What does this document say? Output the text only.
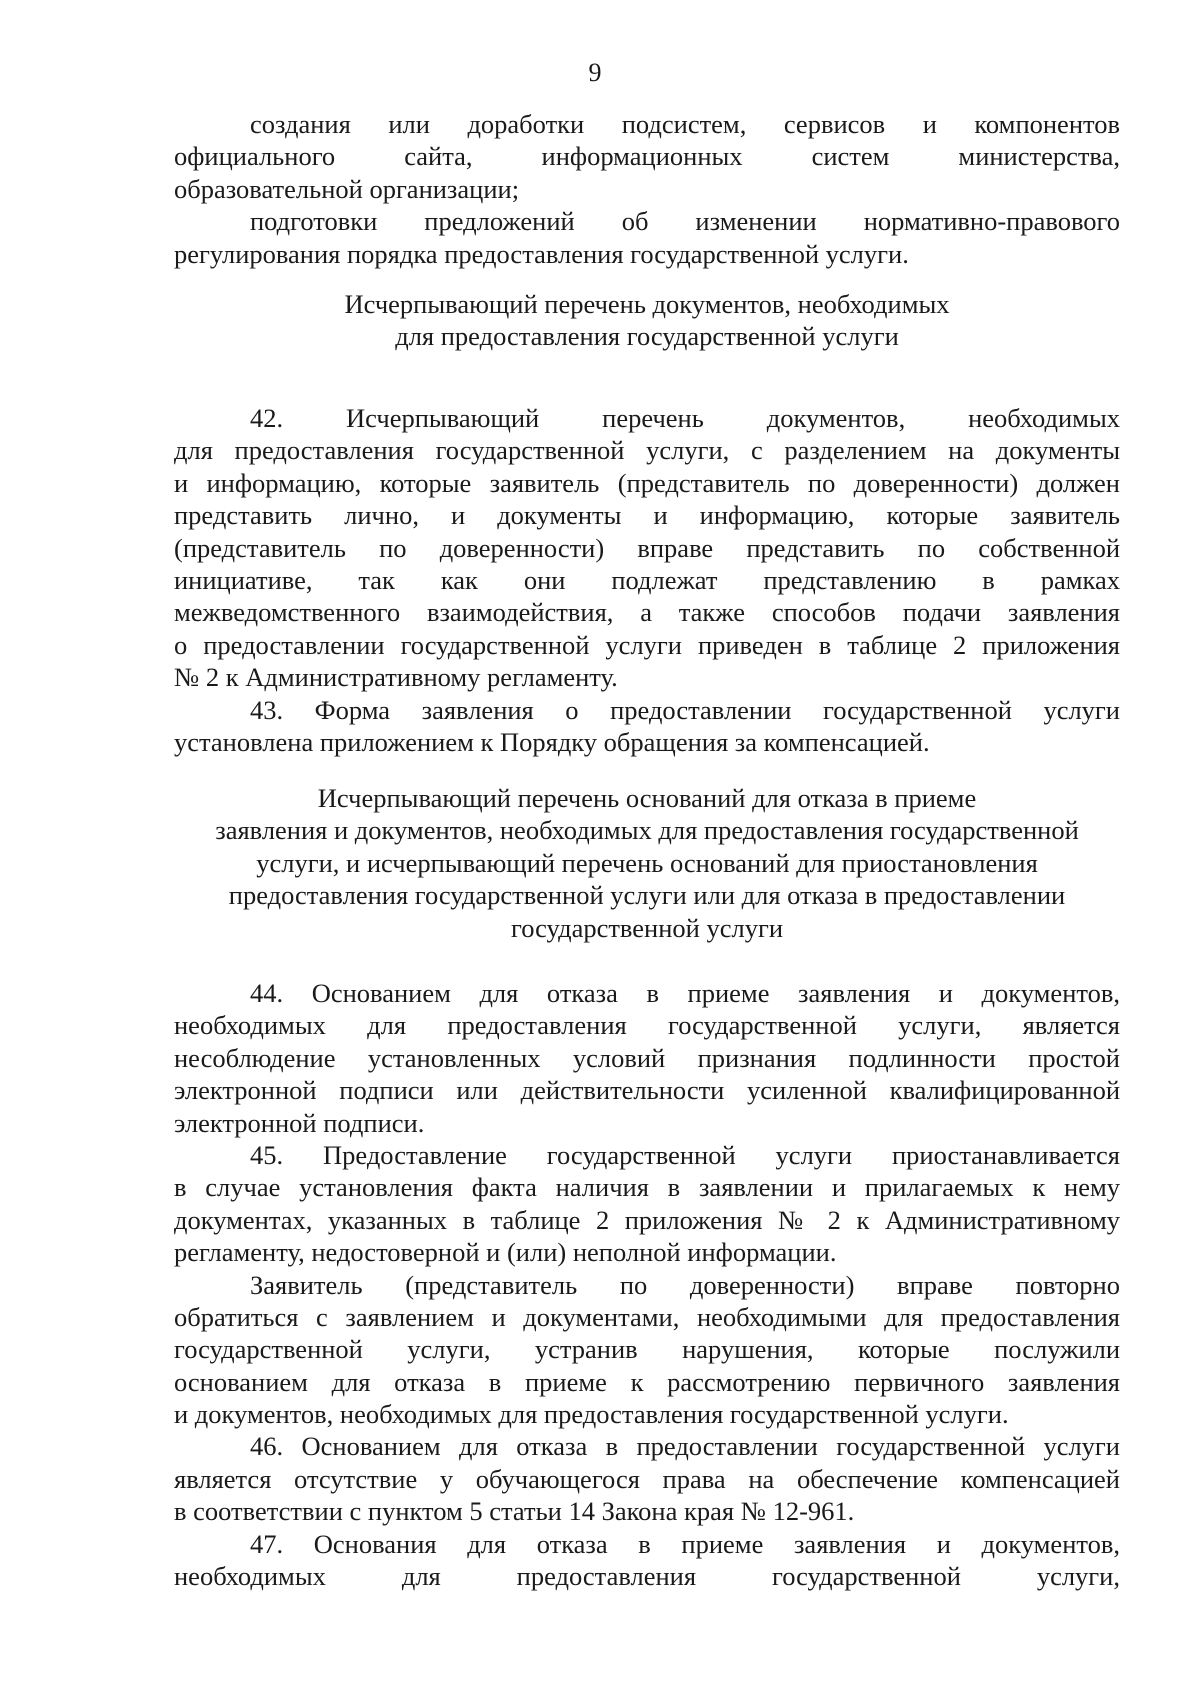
9
создания или доработки подсистем, сервисов и компонентов
официального сайта, информационных систем министерства,
образовательной организации;
подготовки предложений об изменении нормативно-правового
регулирования порядка предоставления государственной услуги.
Исчерпывающий перечень документов, необходимых
для предоставления государственной услуги
42. Исчерпывающий перечень документов, необходимых
для предоставления государственной услуги, с разделением на документы
и информацию, которые заявитель (представитель по доверенности) должен
представить лично, и документы и информацию, которые заявитель
(представитель по доверенности) вправе представить по собственной
инициативе, так как они подлежат представлению в рамках
межведомственного взаимодействия, а также способов подачи заявления
о предоставлении государственной услуги приведен в таблице 2 приложения
№ 2 к Административному регламенту.
43. Форма заявления о предоставлении государственной услуги
установлена приложением к Порядку обращения за компенсацией.
Исчерпывающий перечень оснований для отказа в приеме
заявления и документов, необходимых для предоставления государственной
услуги, и исчерпывающий перечень оснований для приостановления
предоставления государственной услуги или для отказа в предоставлении
государственной услуги
44. Основанием для отказа в приеме заявления и документов,
необходимых для предоставления государственной услуги, является
несоблюдение установленных условий признания подлинности простой
электронной подписи или действительности усиленной квалифицированной
электронной подписи.
45. Предоставление государственной услуги приостанавливается
в случае установления факта наличия в заявлении и прилагаемых к нему
документах, указанных в таблице 2 приложения № 2 к Административному
регламенту, недостоверной и (или) неполной информации.
Заявитель (представитель по доверенности) вправе повторно
обратиться с заявлением и документами, необходимыми для предоставления
государственной услуги, устранив нарушения, которые послужили
основанием для отказа в приеме к рассмотрению первичного заявления
и документов, необходимых для предоставления государственной услуги.
46. Основанием для отказа в предоставлении государственной услуги
является отсутствие у обучающегося права на обеспечение компенсацией
в соответствии с пунктом 5 статьи 14 Закона края № 12-961.
47. Основания для отказа в приеме заявления и документов,
необходимых для предоставления государственной услуги,
